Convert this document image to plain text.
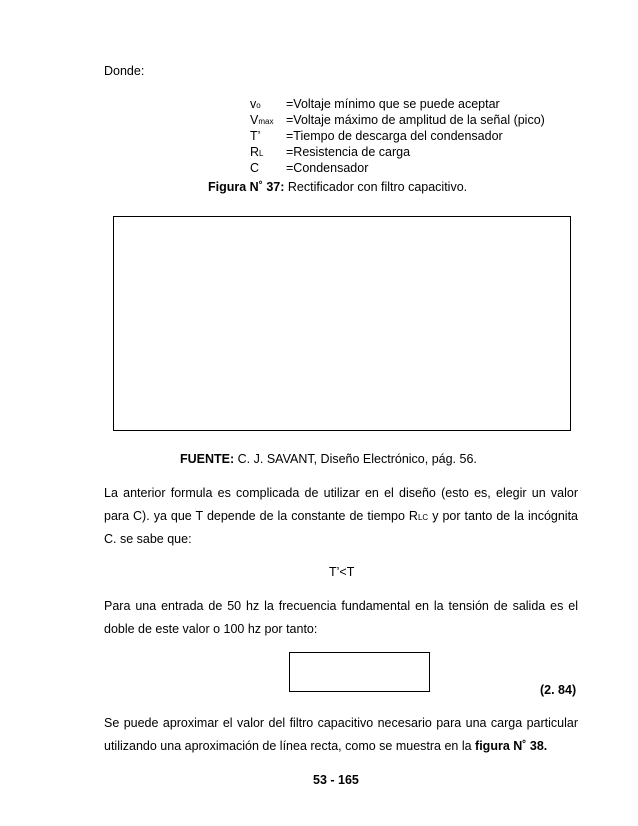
Donde:
vo	=Voltaje mínimo que se puede aceptar
Vmax	=Voltaje máximo de amplitud de la señal (pico)
T’	=Tiempo de descarga del condensador
RL	=Resistencia de carga
C	=Condensador
Figura N˚ 37: Rectificador con filtro capacitivo.
FUENTE: C. J. SAVANT, Diseño Electrónico, pág. 56.
La anterior formula es complicada de utilizar en el diseño (esto es, elegir un valor
para C). ya que T depende de la constante de tiempo RLC y por tanto de la incógnita
C. se sabe que:
T’<T
Para una entrada de 50 hz la frecuencia fundamental en la tensión de salida es el
doble de este valor o 100 hz por tanto:
(2. 84)
Se puede aproximar el valor del filtro capacitivo necesario para una carga particular
utilizando una aproximación de línea recta, como se muestra en la figura N˚ 38.
53 - 165
